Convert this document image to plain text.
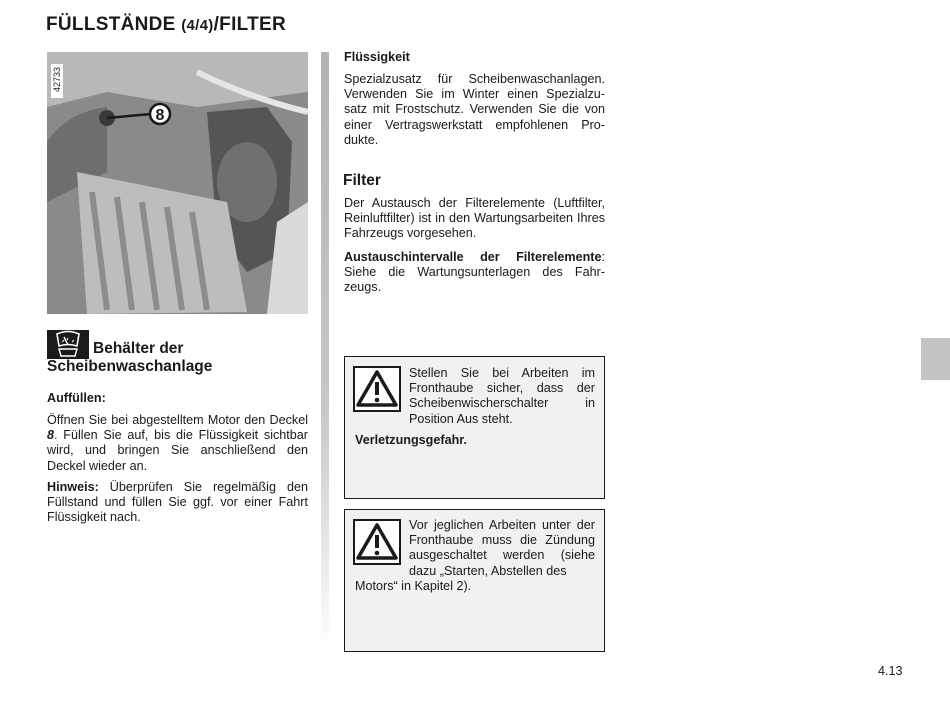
FÜLLSTÄNDE (4/4)/FILTER
8
42733
Behälter der
Scheibenwaschanlage
Auffüllen:
Öffnen Sie bei abgestelltem Motor den Deckel 8. Füllen Sie auf, bis die Flüssigkeit sichtbar wird, und bringen Sie anschließend den Deckel wieder an.
Hinweis: Überprüfen Sie regelmäßig den Füllstand und füllen Sie ggf. vor einer Fahrt Flüssigkeit nach.
Flüssigkeit
Spezialzusatz für Scheibenwaschanlagen. Verwenden Sie im Winter einen Spezialzu-satz mit Frostschutz. Verwenden Sie die von einer Vertragswerkstatt empfohlenen Pro-dukte.
Filter
Der Austausch der Filterelemente (Luftfilter, Reinluftfilter) ist in den Wartungsarbeiten Ihres Fahrzeugs vorgesehen.
Austauschintervalle der Filterelemente: Siehe die Wartungsunterlagen des Fahr-zeugs.
Stellen Sie bei Arbeiten im Fronthaube sicher, dass der Scheibenwischerschalter in Position Aus steht.
Verletzungsgefahr.
Vor jeglichen Arbeiten unter der Fronthaube muss die Zündung ausgeschaltet werden (siehe dazu „Starten, Abstellen des
Motors“ in Kapitel 2).
4.13
